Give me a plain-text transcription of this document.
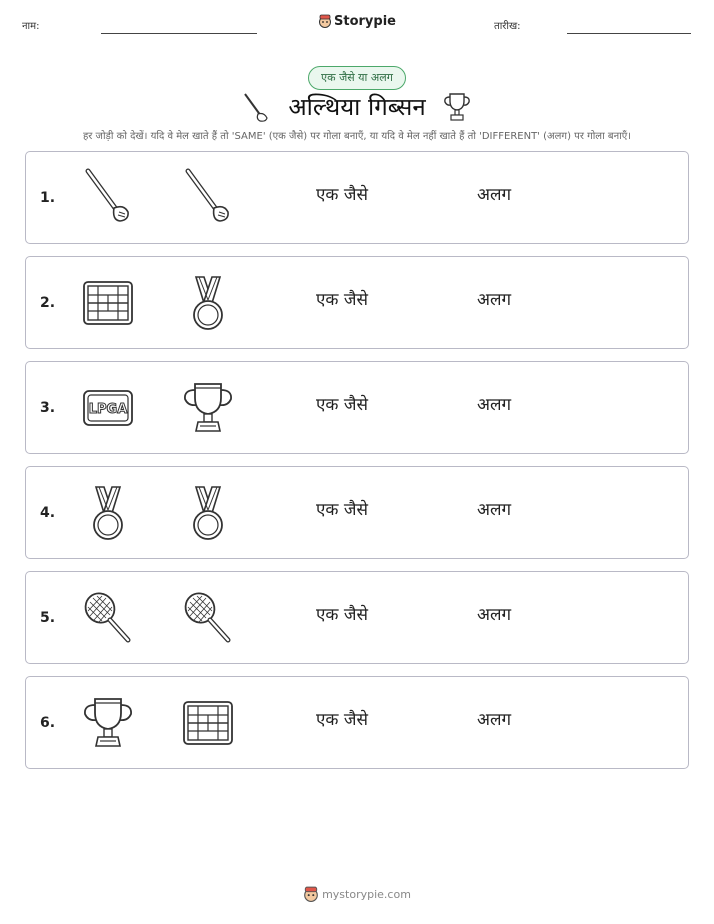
नाम:	Storypie	तारीख:
एक जैसे या अलग
अल्थिया गिब्सन
हर जोड़ी को देखें। यदि वे मेल खाते हैं तो 'SAME' (एक जैसे) पर गोला बनाएँ, या यदि वे मेल नहीं खाते हैं तो 'DIFFERENT' (अलग) पर गोला बनाएँ।
1.	एक जैसे	अलग
2.	एक जैसे	अलग
3.	LPGA	एक जैसे	अलग
4.	एक जैसे	अलग
5.	एक जैसे	अलग
6.	एक जैसे	अलग
mystorypie.com
